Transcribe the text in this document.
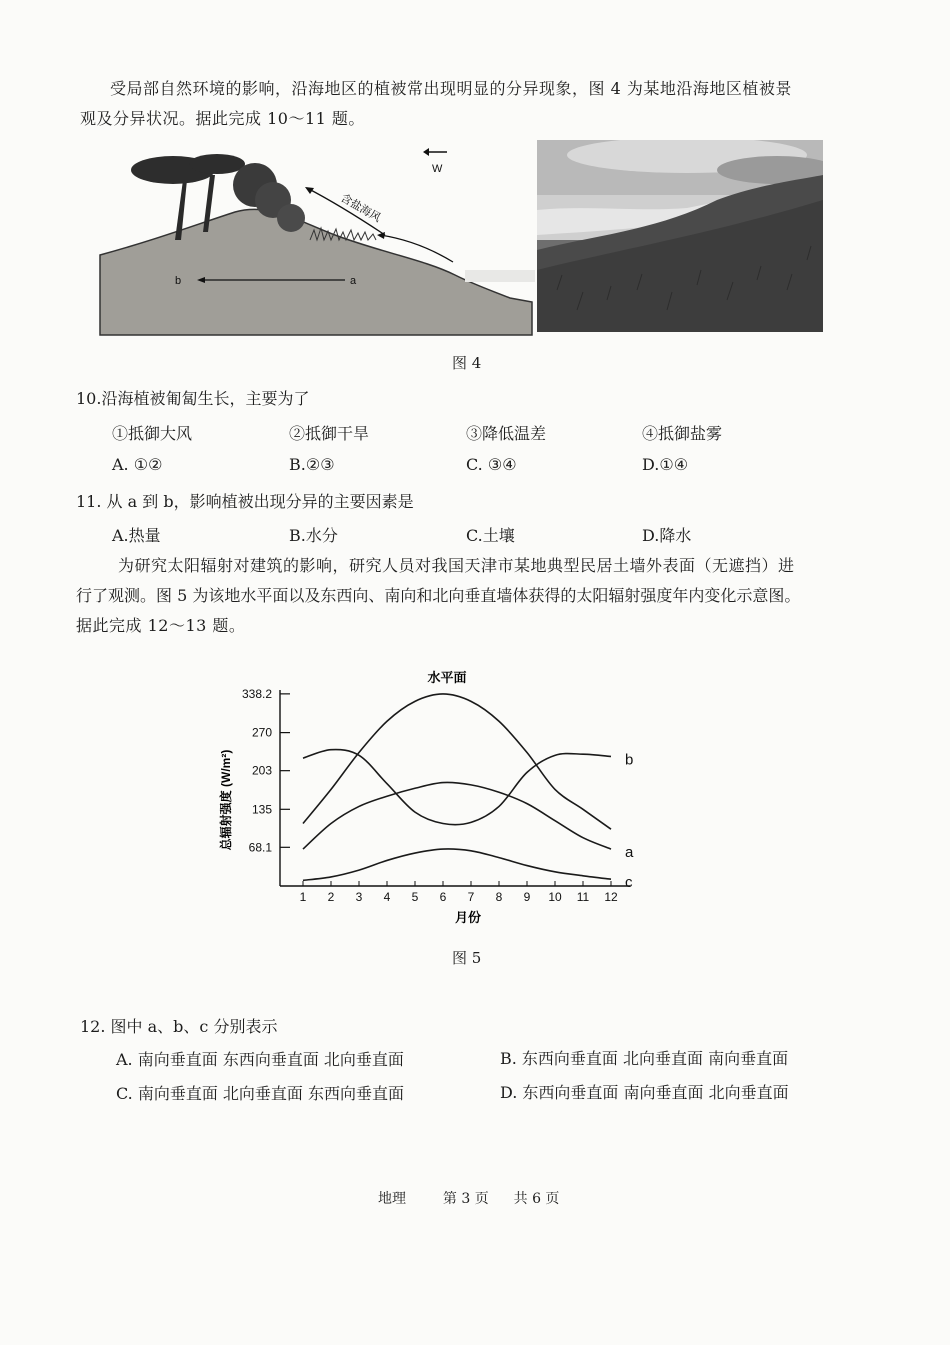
受局部自然环境的影响，沿海地区的植被常出现明显的分异现象，图 4 为某地沿海地区植被景
观及分异状况。据此完成 10～11 题。
W
含盐海风
b	a
图 4
10.沿海植被匍匐生长，主要为了
①抵御大风	②抵御干旱	③降低温差	④抵御盐雾
A. ①②	B.②③	C. ③④	D.①④
11. 从 a 到 b，影响植被出现分异的主要因素是
A.热量	B.水分	C.土壤	D.降水
为研究太阳辐射对建筑的影响，研究人员对我国天津市某地典型民居土墙外表面（无遮挡）进
行了观测。图 5 为该地水平面以及东西向、南向和北向垂直墙体获得的太阳辐射强度年内变化示意图。
据此完成 12～13 题。
水平面
总辐射强度 (W/m²)
月份
338.2
270
203
135
68.1
1 2 3 4 5 6 7 8 9 10 11 12
b
a
c
图 5
12. 图中 a、b、c 分别表示
A. 南向垂直面 东西向垂直面 北向垂直面	B. 东西向垂直面 北向垂直面 南向垂直面
C. 南向垂直面 北向垂直面 东西向垂直面	D. 东西向垂直面 南向垂直面 北向垂直面
地理	第 3 页 共 6 页
